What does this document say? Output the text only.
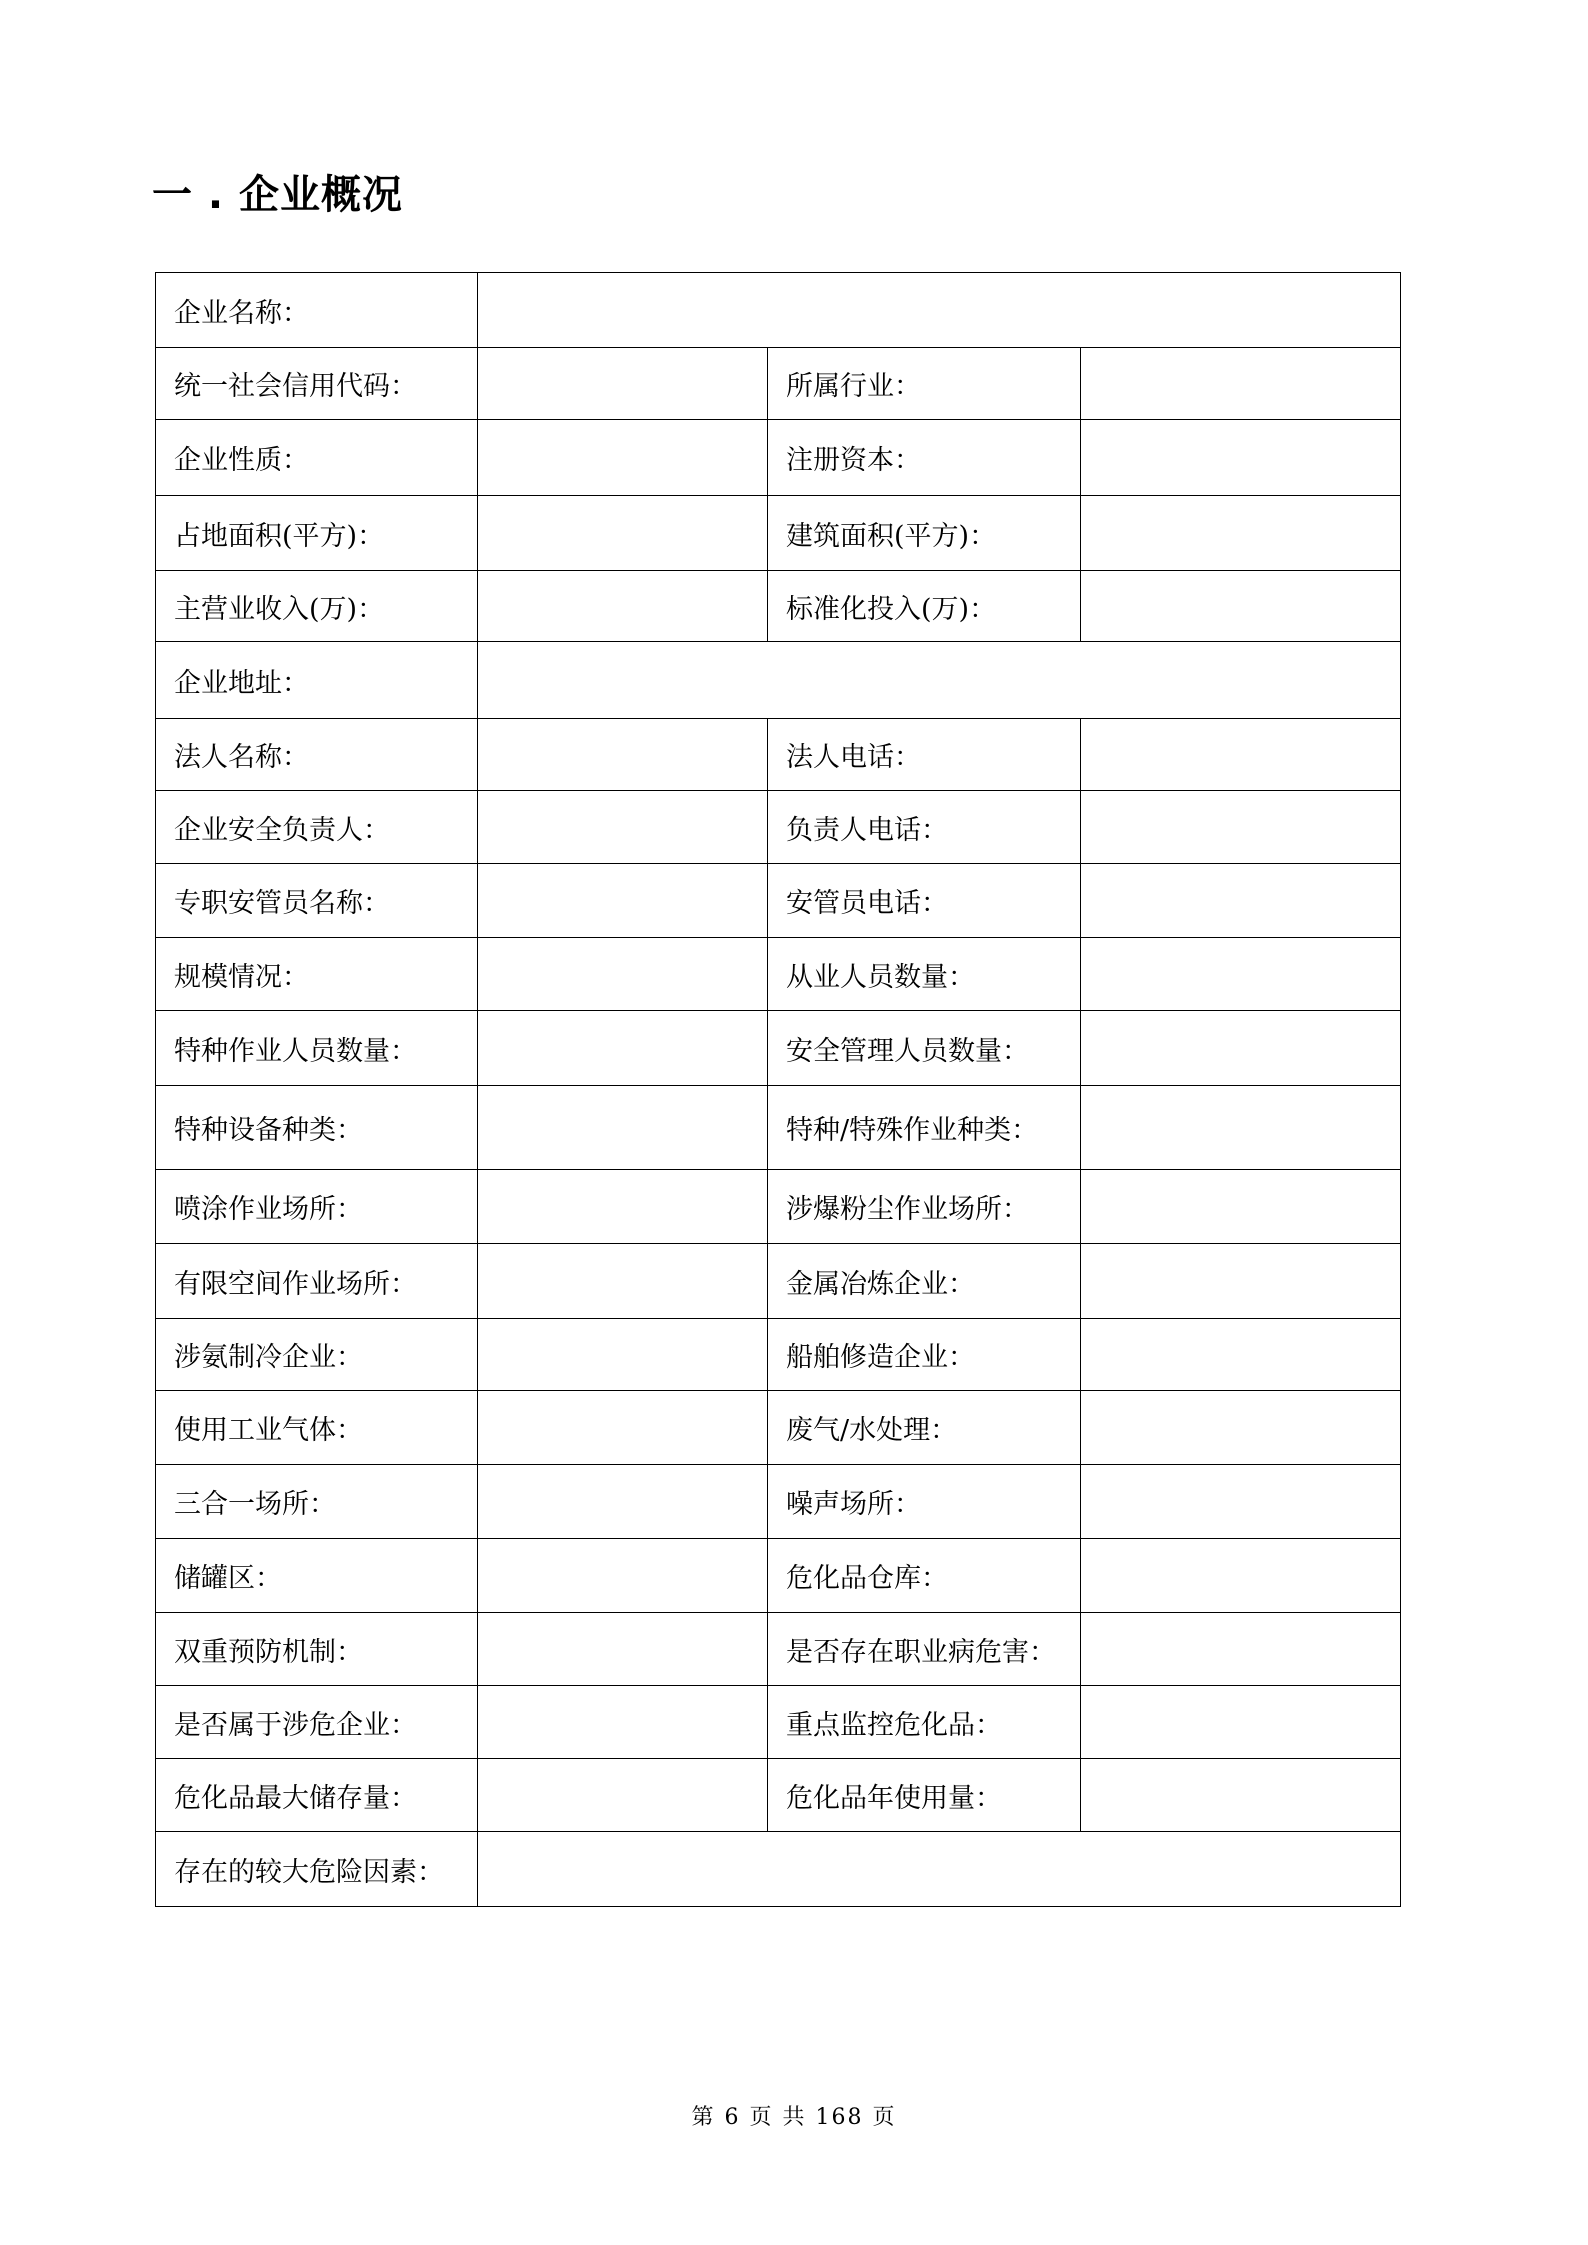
一 . 企业概况
企业名称：			
统一社会信用代码：		所属行业：	
企业性质：		注册资本：	
占地面积(平方)：		建筑面积(平方)：	
主营业收入(万)：		标准化投入(万)：	
企业地址：			
法人名称：		法人电话：	
企业安全负责人：		负责人电话：	
专职安管员名称：		安管员电话：	
规模情况：		从业人员数量：	
特种作业人员数量：		安全管理人员数量：	
特种设备种类：		特种/特殊作业种类：	
喷涂作业场所：		涉爆粉尘作业场所：	
有限空间作业场所：		金属冶炼企业：	
涉氨制冷企业：		船舶修造企业：	
使用工业气体：		废气/水处理：	
三合一场所：		噪声场所：	
储罐区：		危化品仓库：	
双重预防机制：		是否存在职业病危害：	
是否属于涉危企业：		重点监控危化品：	
危化品最大储存量：		危化品年使用量：	
存在的较大危险因素：			
第 6 页 共 168 页
